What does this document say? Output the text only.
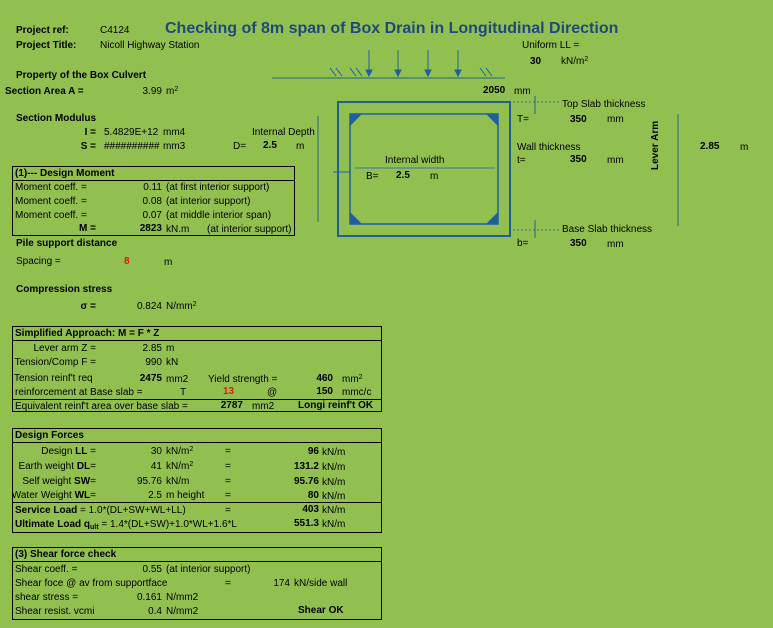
Checking of 8m span of Box Drain in Longitudinal Direction
Project ref:	C4124
Project Title: Nicoll Highway Station
Property of the Box Culvert
Section Area A =	3.99 $m^2$
Section Modulus
I = 5.4829E+12 mm4
S = ########## mm3
Uniform LL =
30 $kN/m^2$
2050 mm
Top Slab thickness
T=	350 mm
Wall thickness
t=	350 mm
Base Slab thickness
b=	350 mm
Lever Arm	2.85 m
Internal Depth
D= 2.5 m
Internal width
B= 2.5 m
(1)--- Design Moment
Moment coeff. =	0.11 (at first interior support)
Moment coeff. =	0.08 (at interior support)
Moment coeff. =	0.07 (at middle interior span)
M =	2823 kN.m (at interior support)
Pile support distance
Spacing =	8	m
Compression stress
σ =	0.824 $N/mm^2$
Simplified Approach: M = F * Z
Lever arm Z =	2.85 m
Tension/Comp F =	990 kN
Tension reinf't req	2475 mm2 Yield strength =	460 $mm^2$
reinforcement at Base slab =	T	13	@	150 mmc/c
Equivalent reinf't area over base slab =	2787 mm2 Longi reinf't OK
Design Forces
Design LL =	30 $kN/m^2$	=	96 kN/m
Earth weight DL=	41 $kN/m^2$	=	131.2 kN/m
Self weight SW=	95.76 kN/m	=	95.76 kN/m
Water Weight WL=	2.5 m height =	80 kN/m
Service Load = 1.0*(DL+SW+WL+LL)	=	403 kN/m
Ultimate Load qult = 1.4*(DL+SW)+1.0*WL+1.6*L	551.3 kN/m
(3) Shear force check
Shear coeff. =	0.55 (at interior support)
Shear foce @ av from supportface	=	174 kN/side wall
shear stress =	0.161 N/mm2
Shear resist. vcmi	0.4 N/mm2	Shear OK
